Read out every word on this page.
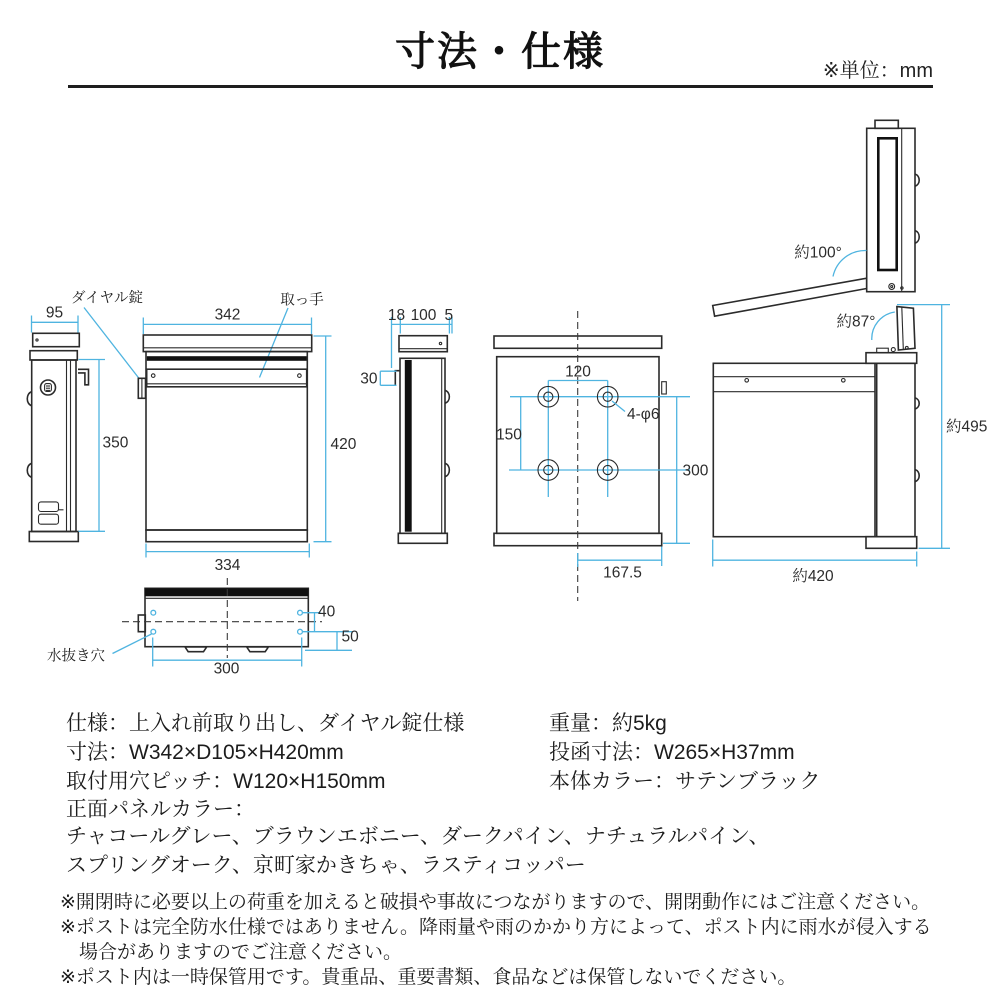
寸法・仕様	※単位：mm
95
350
ダイヤル錠	取っ手
342
420
334
18 100 5
30	120
150
4-φ6
300
167.5
40
50
300
水抜き穴
約100°
約87°
約495
約420
仕様：上入れ前取り出し、ダイヤル錠仕様
寸法：W342×D105×H420mm
取付用穴ピッチ：W120×H150mm
正面パネルカラー：
チャコールグレー、ブラウンエボニー、ダークパイン、ナチュラルパイン、
スプリングオーク、京町家かきちゃ、ラスティコッパー
重量：約5kg
投函寸法：W265×H37mm
本体カラー：サテンブラック
※開閉時に必要以上の荷重を加えると破損や事故につながりますので、開閉動作にはご注意ください。
※ポストは完全防水仕様ではありません。降雨量や雨のかかり方によって、ポスト内に雨水が侵入する
　場合がありますのでご注意ください。
※ポスト内は一時保管用です。貴重品、重要書類、食品などは保管しないでください。
